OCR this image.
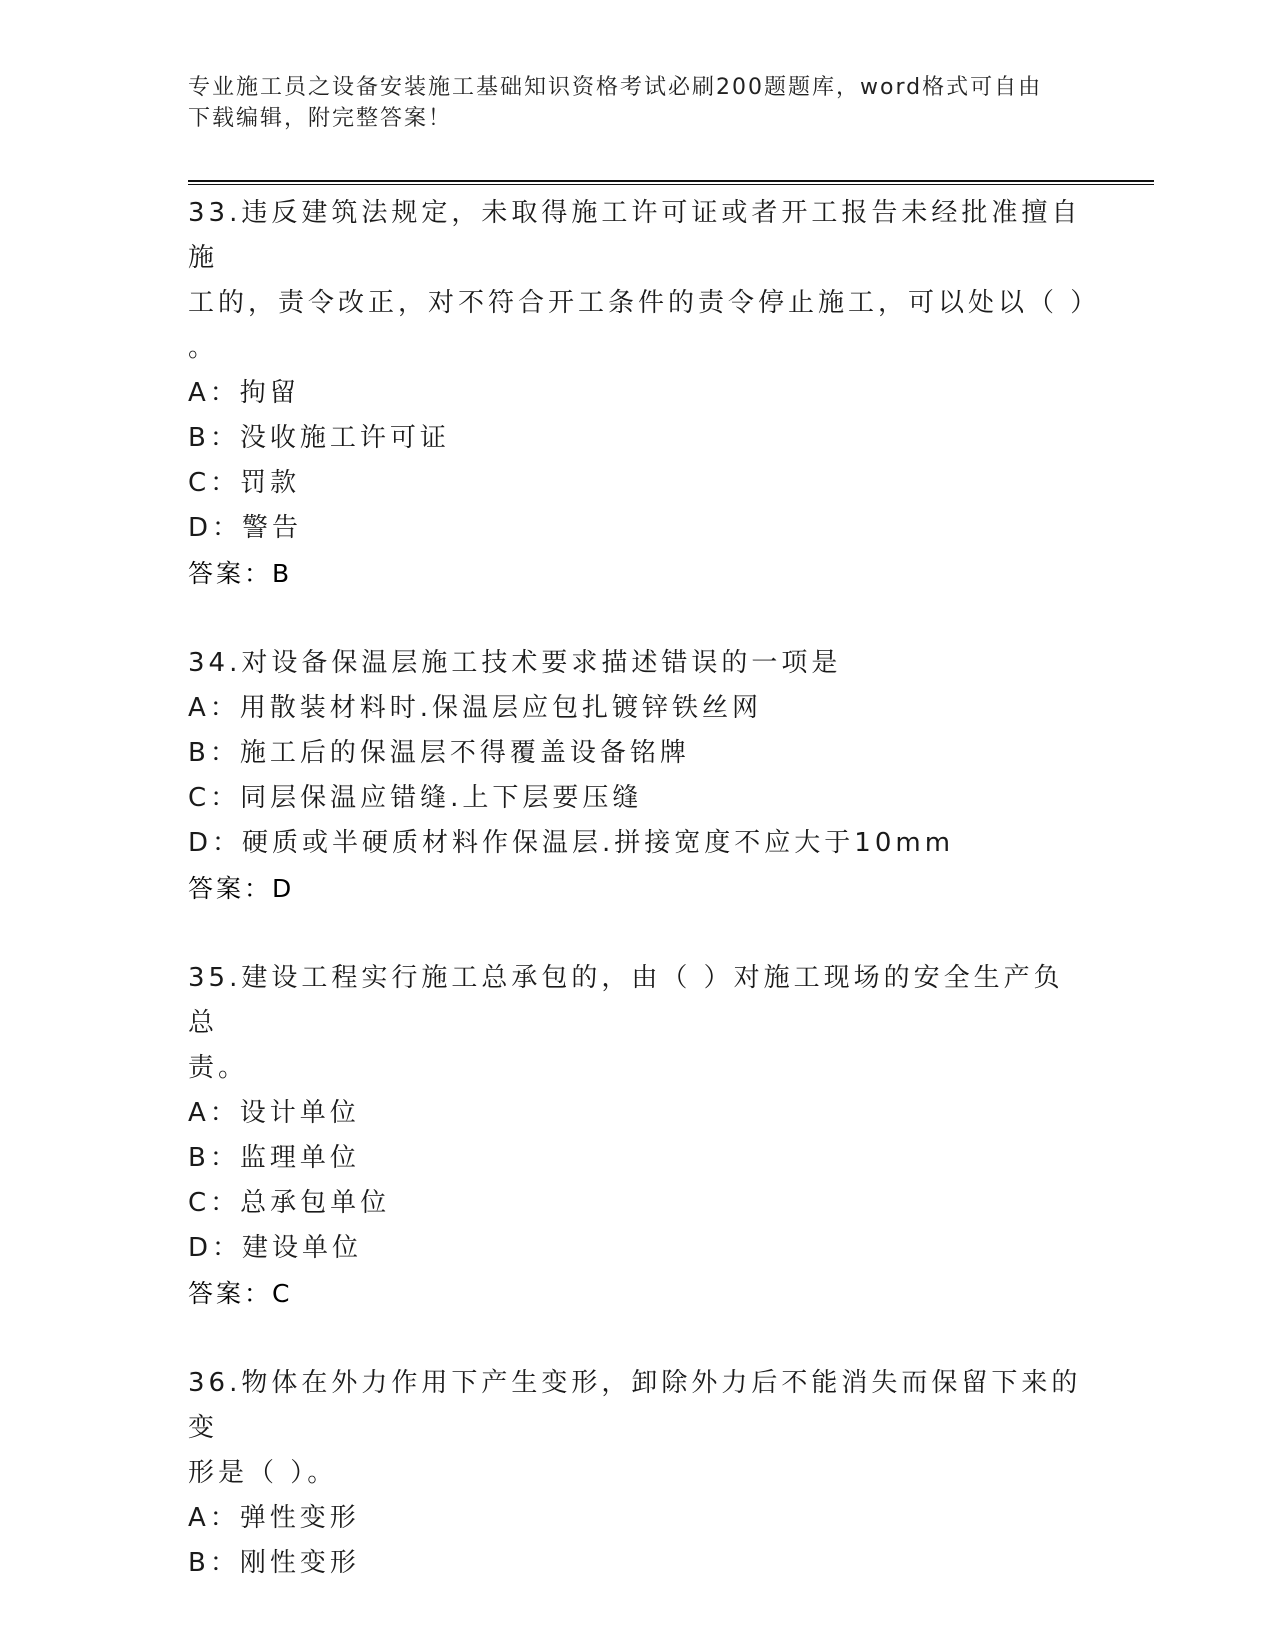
专业施工员之设备安装施工基础知识资格考试必刷200题题库，word格式可自由
下载编辑，附完整答案！
33.违反建筑法规定，未取得施工许可证或者开工报告未经批准擅自施
工的，责令改正，对不符合开工条件的责令停止施工，可以处以（ ）
。
A：拘留
B：没收施工许可证
C：罚款
D：警告
答案：B
34.对设备保温层施工技术要求描述错误的一项是
A：用散装材料时.保温层应包扎镀锌铁丝网
B：施工后的保温层不得覆盖设备铭牌
C：同层保温应错缝.上下层要压缝
D：硬质或半硬质材料作保温层.拼接宽度不应大于10mm
答案：D
35.建设工程实行施工总承包的，由（ ）对施工现场的安全生产负总
责。
A：设计单位
B：监理单位
C：总承包单位
D：建设单位
答案：C
36.物体在外力作用下产生变形，卸除外力后不能消失而保留下来的变
形是（ ）。
A：弹性变形
B：刚性变形
